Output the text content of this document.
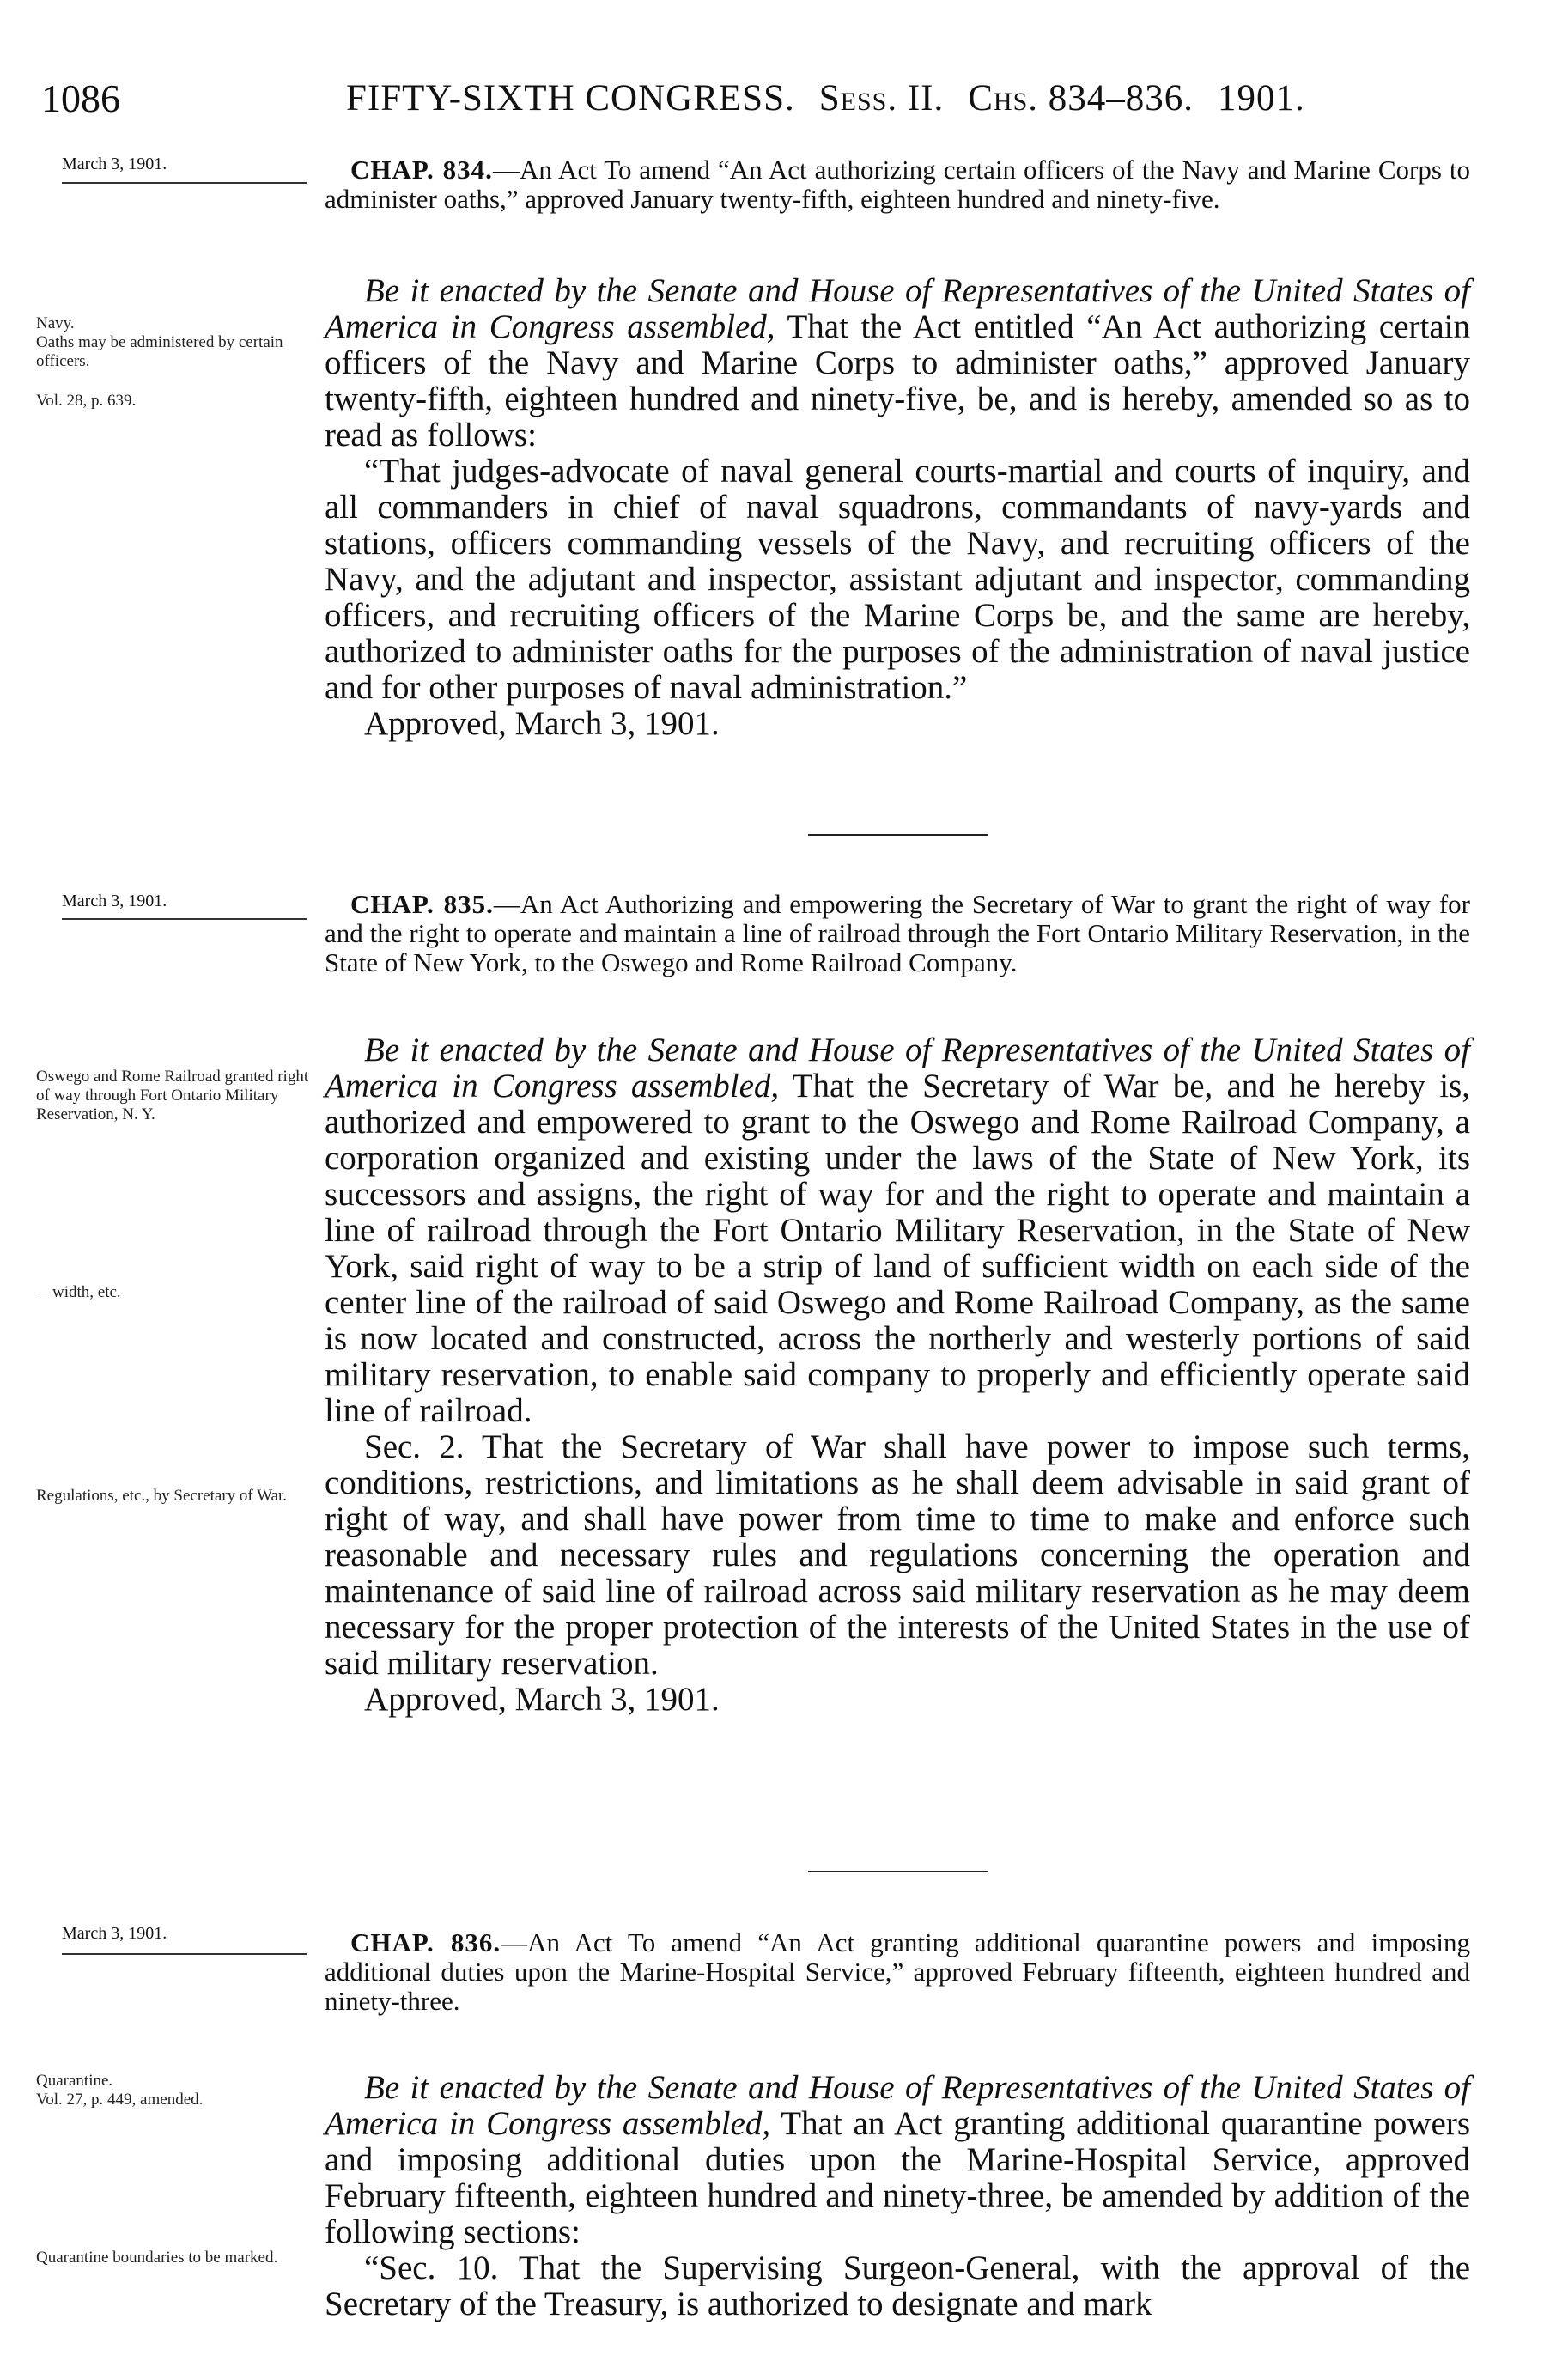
1086	FIFTY-SIXTH CONGRESS. Sess. II. Chs. 834–836. 1901.
March 3, 1901.	CHAP. 834.—An Act To amend “An Act authorizing certain officers of the Navy and Marine Corps to administer oaths,” approved January twenty-fifth, eighteen hundred and ninety-five.
Navy.
Oaths may be administered by certain officers.
Vol. 28, p. 639.

Be it enacted by the Senate and House of Representatives of the United States of America in Congress assembled, That the Act entitled “An Act authorizing certain officers of the Navy and Marine Corps to administer oaths,” approved January twenty-fifth, eighteen hundred and ninety-five, be, and is hereby, amended so as to read as follows:

“That judges-advocate of naval general courts-martial and courts of inquiry, and all commanders in chief of naval squadrons, commandants of navy-yards and stations, officers commanding vessels of the Navy, and recruiting officers of the Navy, and the adjutant and inspector, assistant adjutant and inspector, commanding officers, and recruiting officers of the Marine Corps be, and the same are hereby, authorized to administer oaths for the purposes of the administration of naval justice and for other purposes of naval administration.”

Approved, March 3, 1901.

March 3, 1901.	CHAP. 835.—An Act Authorizing and empowering the Secretary of War to grant the right of way for and the right to operate and maintain a line of railroad through the Fort Ontario Military Reservation, in the State of New York, to the Oswego and Rome Railroad Company.
Oswego and Rome Railroad granted right of way through Fort Ontario Military Reservation, N. Y.
—width, etc.
Regulations, etc., by Secretary of War.

Be it enacted by the Senate and House of Representatives of the United States of America in Congress assembled, That the Secretary of War be, and he hereby is, authorized and empowered to grant to the Oswego and Rome Railroad Company, a corporation organized and existing under the laws of the State of New York, its successors and assigns, the right of way for and the right to operate and maintain a line of railroad through the Fort Ontario Military Reservation, in the State of New York, said right of way to be a strip of land of sufficient width on each side of the center line of the railroad of said Oswego and Rome Railroad Company, as the same is now located and constructed, across the northerly and westerly portions of said military reservation, to enable said company to properly and efficiently operate said line of railroad.

Sec. 2. That the Secretary of War shall have power to impose such terms, conditions, restrictions, and limitations as he shall deem advisable in said grant of right of way, and shall have power from time to time to make and enforce such reasonable and necessary rules and regulations concerning the operation and maintenance of said line of railroad across said military reservation as he may deem necessary for the proper protection of the interests of the United States in the use of said military reservation.

Approved, March 3, 1901.

March 3, 1901.	CHAP. 836.—An Act To amend “An Act granting additional quarantine powers and imposing additional duties upon the Marine-Hospital Service,” approved February fifteenth, eighteen hundred and ninety-three.
Quarantine.
Vol. 27, p. 449, amended.
Quarantine boundaries to be marked.

Be it enacted by the Senate and House of Representatives of the United States of America in Congress assembled, That an Act granting additional quarantine powers and imposing additional duties upon the Marine-Hospital Service, approved February fifteenth, eighteen hundred and ninety-three, be amended by addition of the following sections:

“Sec. 10. That the Supervising Surgeon-General, with the approval of the Secretary of the Treasury, is authorized to designate and mark
